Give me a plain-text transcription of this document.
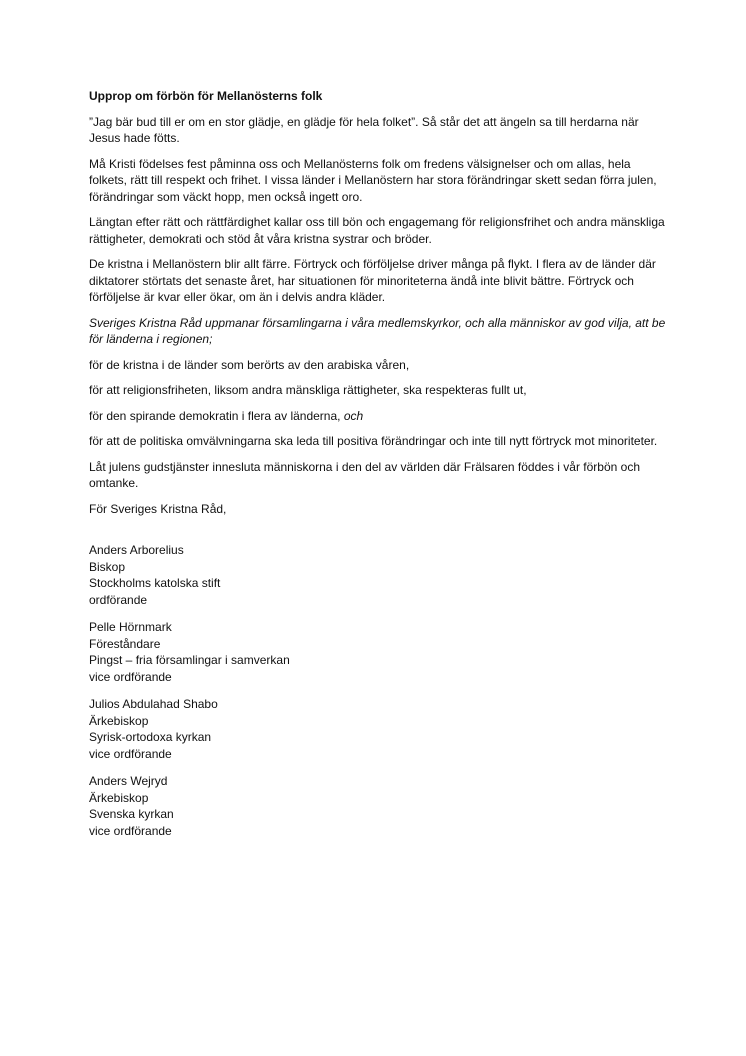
Upprop om förbön för Mellanösterns folk
”Jag bär bud till er om en stor glädje, en glädje för hela folket”. Så står det att ängeln sa till herdarna när Jesus hade fötts.
Må Kristi födelses fest påminna oss och Mellanösterns folk om fredens välsignelser och om allas, hela folkets, rätt till respekt och frihet. I vissa länder i Mellanöstern har stora förändringar skett sedan förra julen, förändringar som väckt hopp, men också ingett oro.
Längtan efter rätt och rättfärdighet kallar oss till bön och engagemang för religionsfrihet och andra mänskliga rättigheter, demokrati och stöd åt våra kristna systrar och bröder.
De kristna i Mellanöstern blir allt färre. Förtryck och förföljelse driver många på flykt. I flera av de länder där diktatorer störtats det senaste året, har situationen för minoriteterna ändå inte blivit bättre. Förtryck och förföljelse är kvar eller ökar, om än i delvis andra kläder.
Sveriges Kristna Råd uppmanar församlingarna i våra medlemskyrkor, och alla människor av god vilja, att be för länderna i regionen;
för de kristna i de länder som berörts av den arabiska våren,
för att religionsfriheten, liksom andra mänskliga rättigheter, ska respekteras fullt ut,
för den spirande demokratin i flera av länderna, och
för att de politiska omvälvningarna ska leda till positiva förändringar och inte till nytt förtryck mot minoriteter.
Låt julens gudstjänster innesluta människorna i den del av världen där Frälsaren föddes i vår förbön och omtanke.
För Sveriges Kristna Råd,
Anders Arborelius
Biskop
Stockholms katolska stift
ordförande
Pelle Hörnmark
Föreståndare
Pingst – fria församlingar i samverkan
vice ordförande
Julios Abdulahad Shabo
Ärkebiskop
Syrisk-ortodoxa kyrkan
vice ordförande
Anders Wejryd
Ärkebiskop
Svenska kyrkan
vice ordförande
